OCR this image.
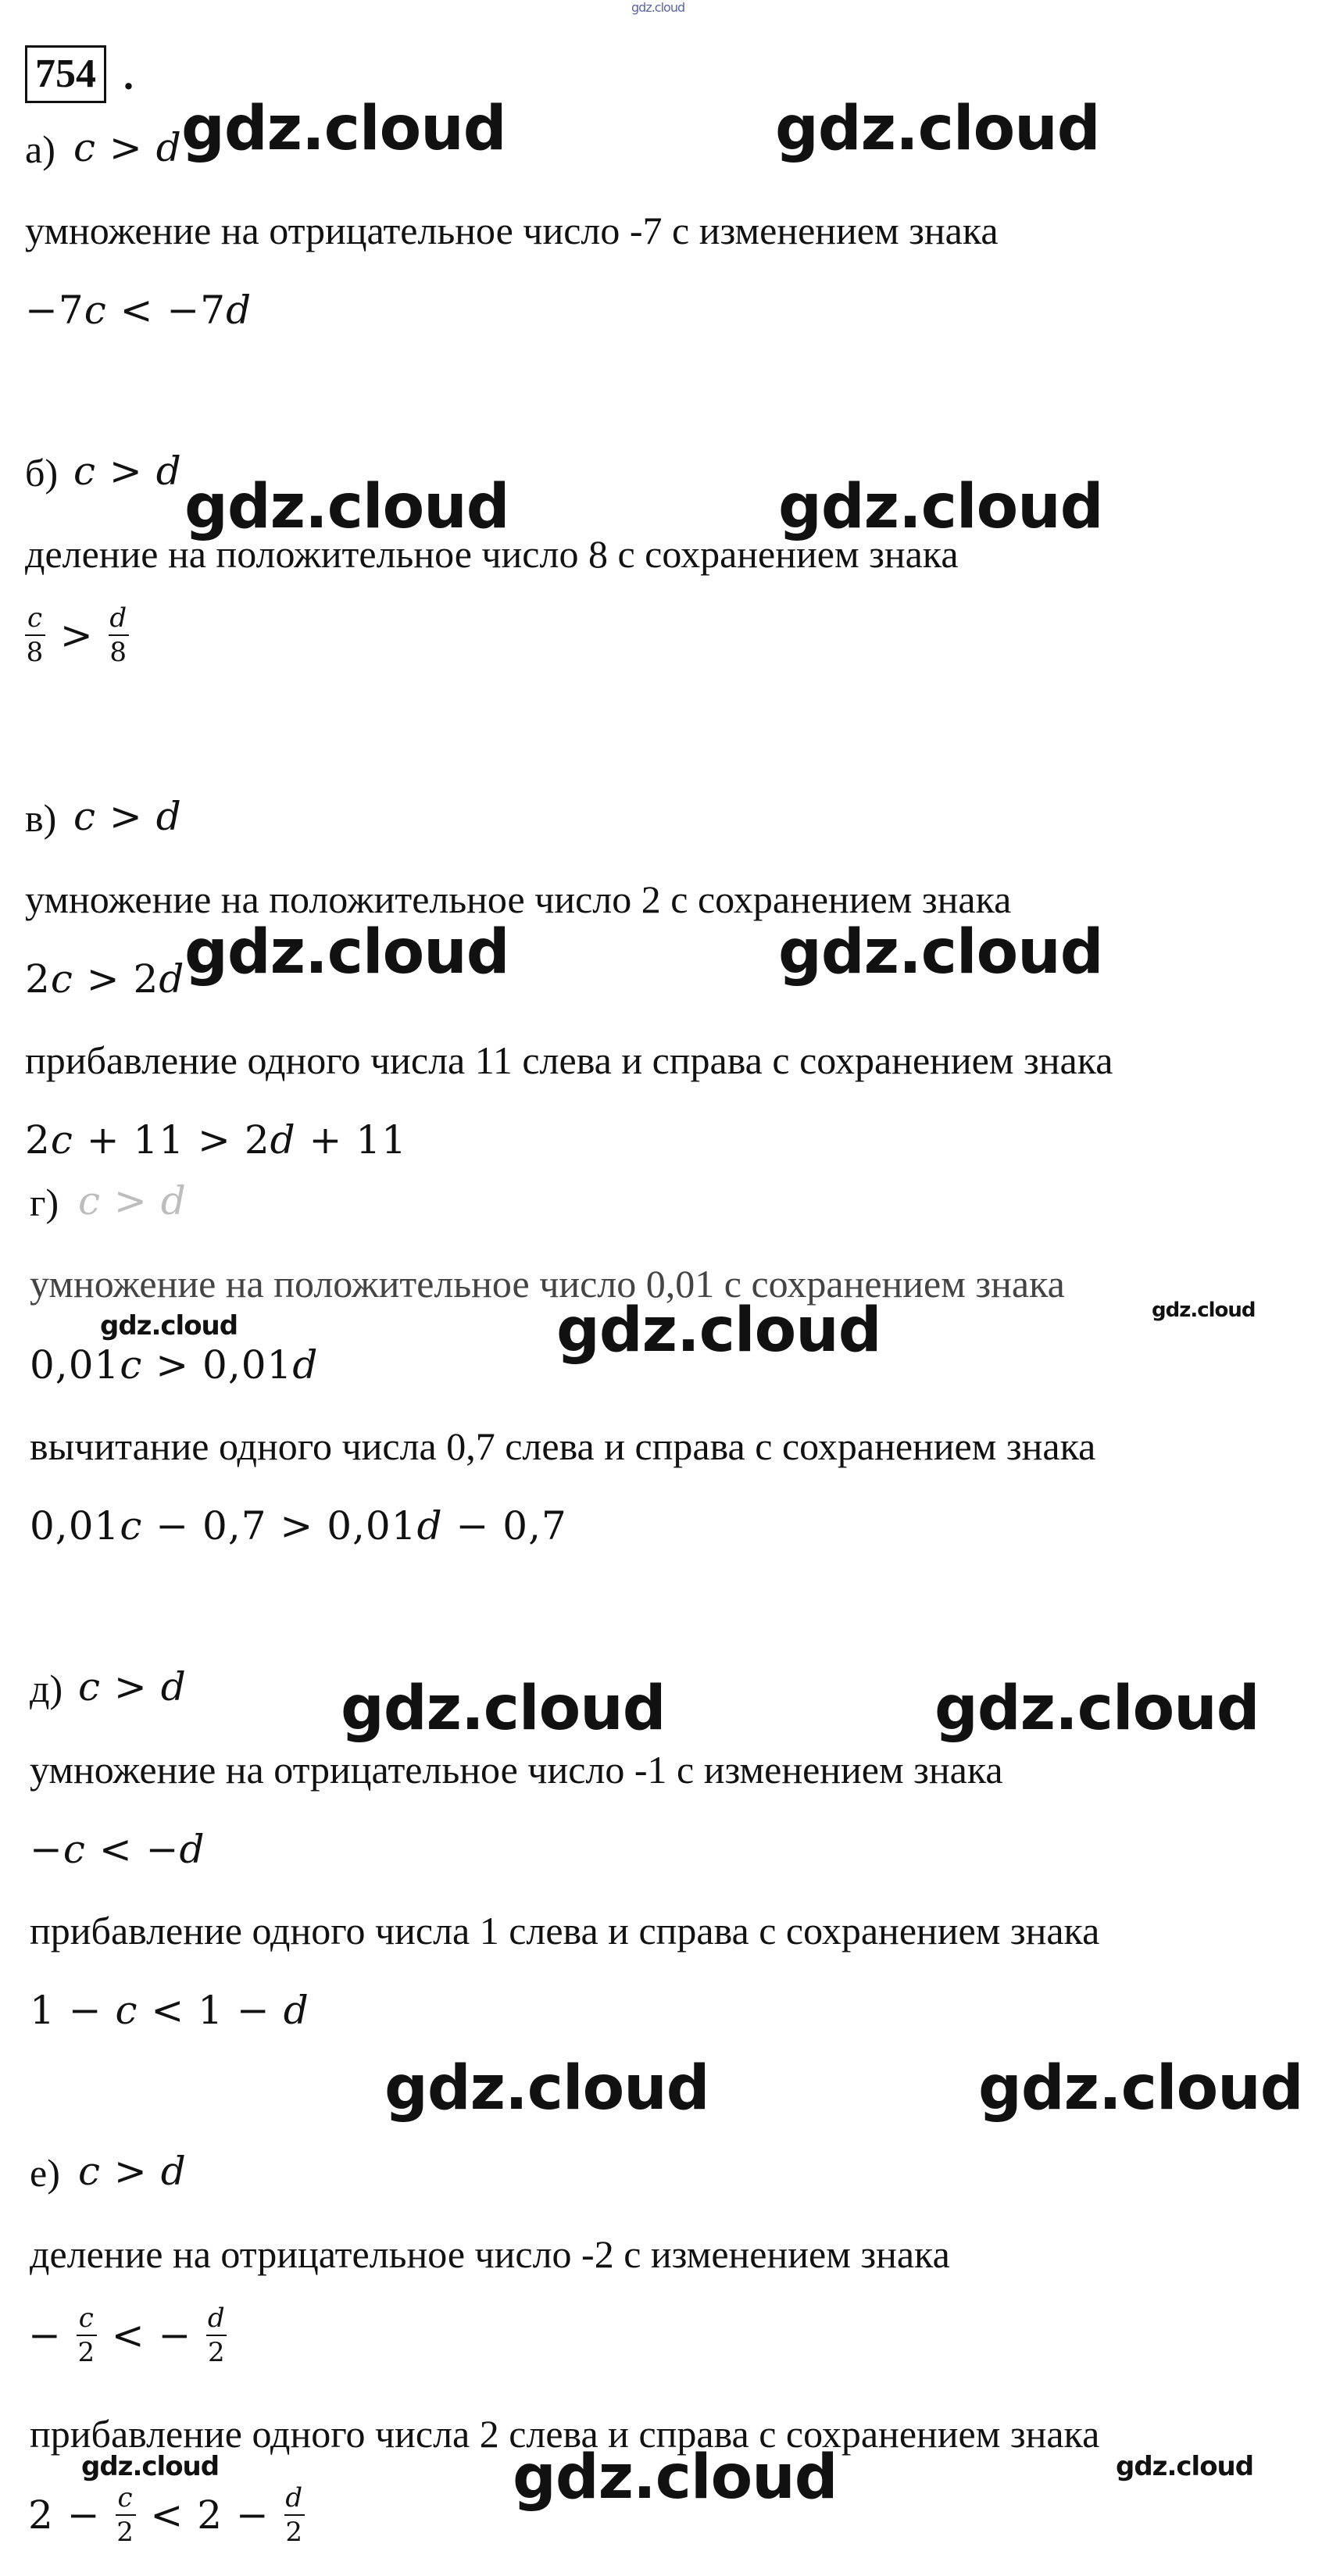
gdz.cloud
754 .
а) c > d
умножение на отрицательное число -7 с изменением знака
−7c < −7d
б) c > d
деление на положительное число 8 с сохранением знака
$\frac{c}{8} > \frac{d}{8}$
в) c > d
умножение на положительное число 2 с сохранением знака
2c > 2d
прибавление одного числа 11 слева и справа с сохранением знака
2c + 11 > 2d + 11
г) c > d
умножение на положительное число 0,01 с сохранением знака
0,01c > 0,01d
вычитание одного числа 0,7 слева и справа с сохранением знака
0,01c − 0,7 > 0,01d − 0,7
д) c > d
умножение на отрицательное число -1 с изменением знака
−c < −d
прибавление одного числа 1 слева и справа с сохранением знака
1 − c < 1 − d
е) c > d
деление на отрицательное число -2 с изменением знака
− $\frac{c}{2}$ < − $\frac{d}{2}$
прибавление одного числа 2 слева и справа с сохранением знака
$2 - \frac{c}{2} < 2 - \frac{d}{2}$
gdz.cloud	gdz.cloud
gdz.cloud	gdz.cloud
gdz.cloud	gdz.cloud
gdz.cloud	gdz.cloud	gdz.cloud
gdz.cloud	gdz.cloud
gdz.cloud	gdz.cloud
gdz.cloud	gdz.cloud	gdz.cloud
